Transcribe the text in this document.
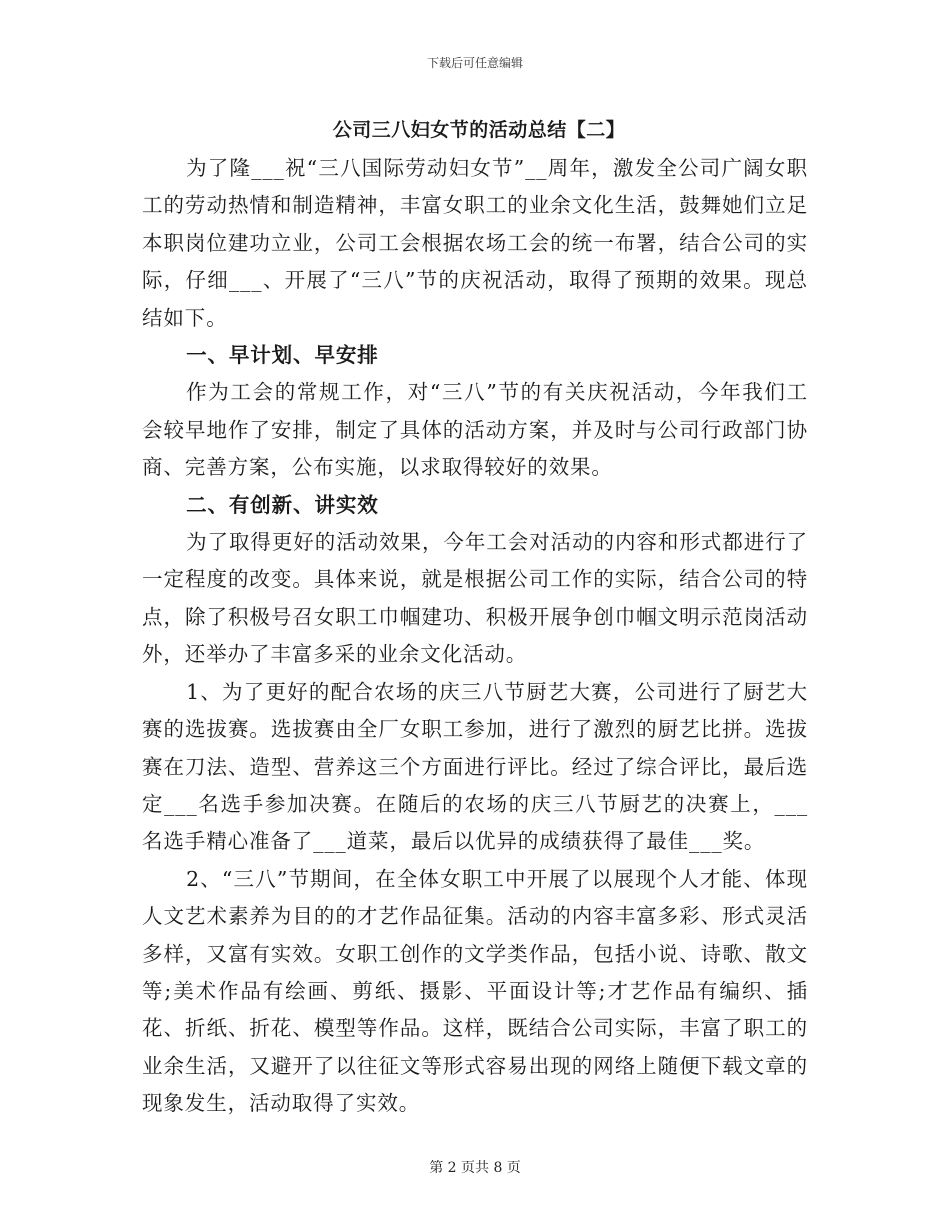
下载后可任意编辑
公司三八妇女节的活动总结【二】

为了隆___祝“三八国际劳动妇女节”__周年，激发全公司广阔女职工的劳动热情和制造精神，丰富女职工的业余文化生活，鼓舞她们立足本职岗位建功立业，公司工会根据农场工会的统一布署，结合公司的实际，仔细___、开展了“三八”节的庆祝活动，取得了预期的效果。现总结如下。

一、早计划、早安排

作为工会的常规工作，对“三八”节的有关庆祝活动，今年我们工会较早地作了安排，制定了具体的活动方案，并及时与公司行政部门协商、完善方案，公布实施，以求取得较好的效果。

二、有创新、讲实效

为了取得更好的活动效果，今年工会对活动的内容和形式都进行了一定程度的改变。具体来说，就是根据公司工作的实际，结合公司的特点，除了积极号召女职工巾帼建功、积极开展争创巾帼文明示范岗活动外，还举办了丰富多采的业余文化活动。

1、为了更好的配合农场的庆三八节厨艺大赛，公司进行了厨艺大赛的选拔赛。选拔赛由全厂女职工参加，进行了激烈的厨艺比拼。选拔赛在刀法、造型、营养这三个方面进行评比。经过了综合评比，最后选定___名选手参加决赛。在随后的农场的庆三八节厨艺的决赛上，___名选手精心准备了___道菜，最后以优异的成绩获得了最佳___奖。

2、“三八”节期间，在全体女职工中开展了以展现个人才能、体现人文艺术素养为目的的才艺作品征集。活动的内容丰富多彩、形式灵活多样，又富有实效。女职工创作的文学类作品，包括小说、诗歌、散文等;美术作品有绘画、剪纸、摄影、平面设计等;才艺作品有编织、插花、折纸、折花、模型等作品。这样，既结合公司实际，丰富了职工的业余生活，又避开了以往征文等形式容易出现的网络上随便下载文章的现象发生，活动取得了实效。

第 2 页共 8 页
